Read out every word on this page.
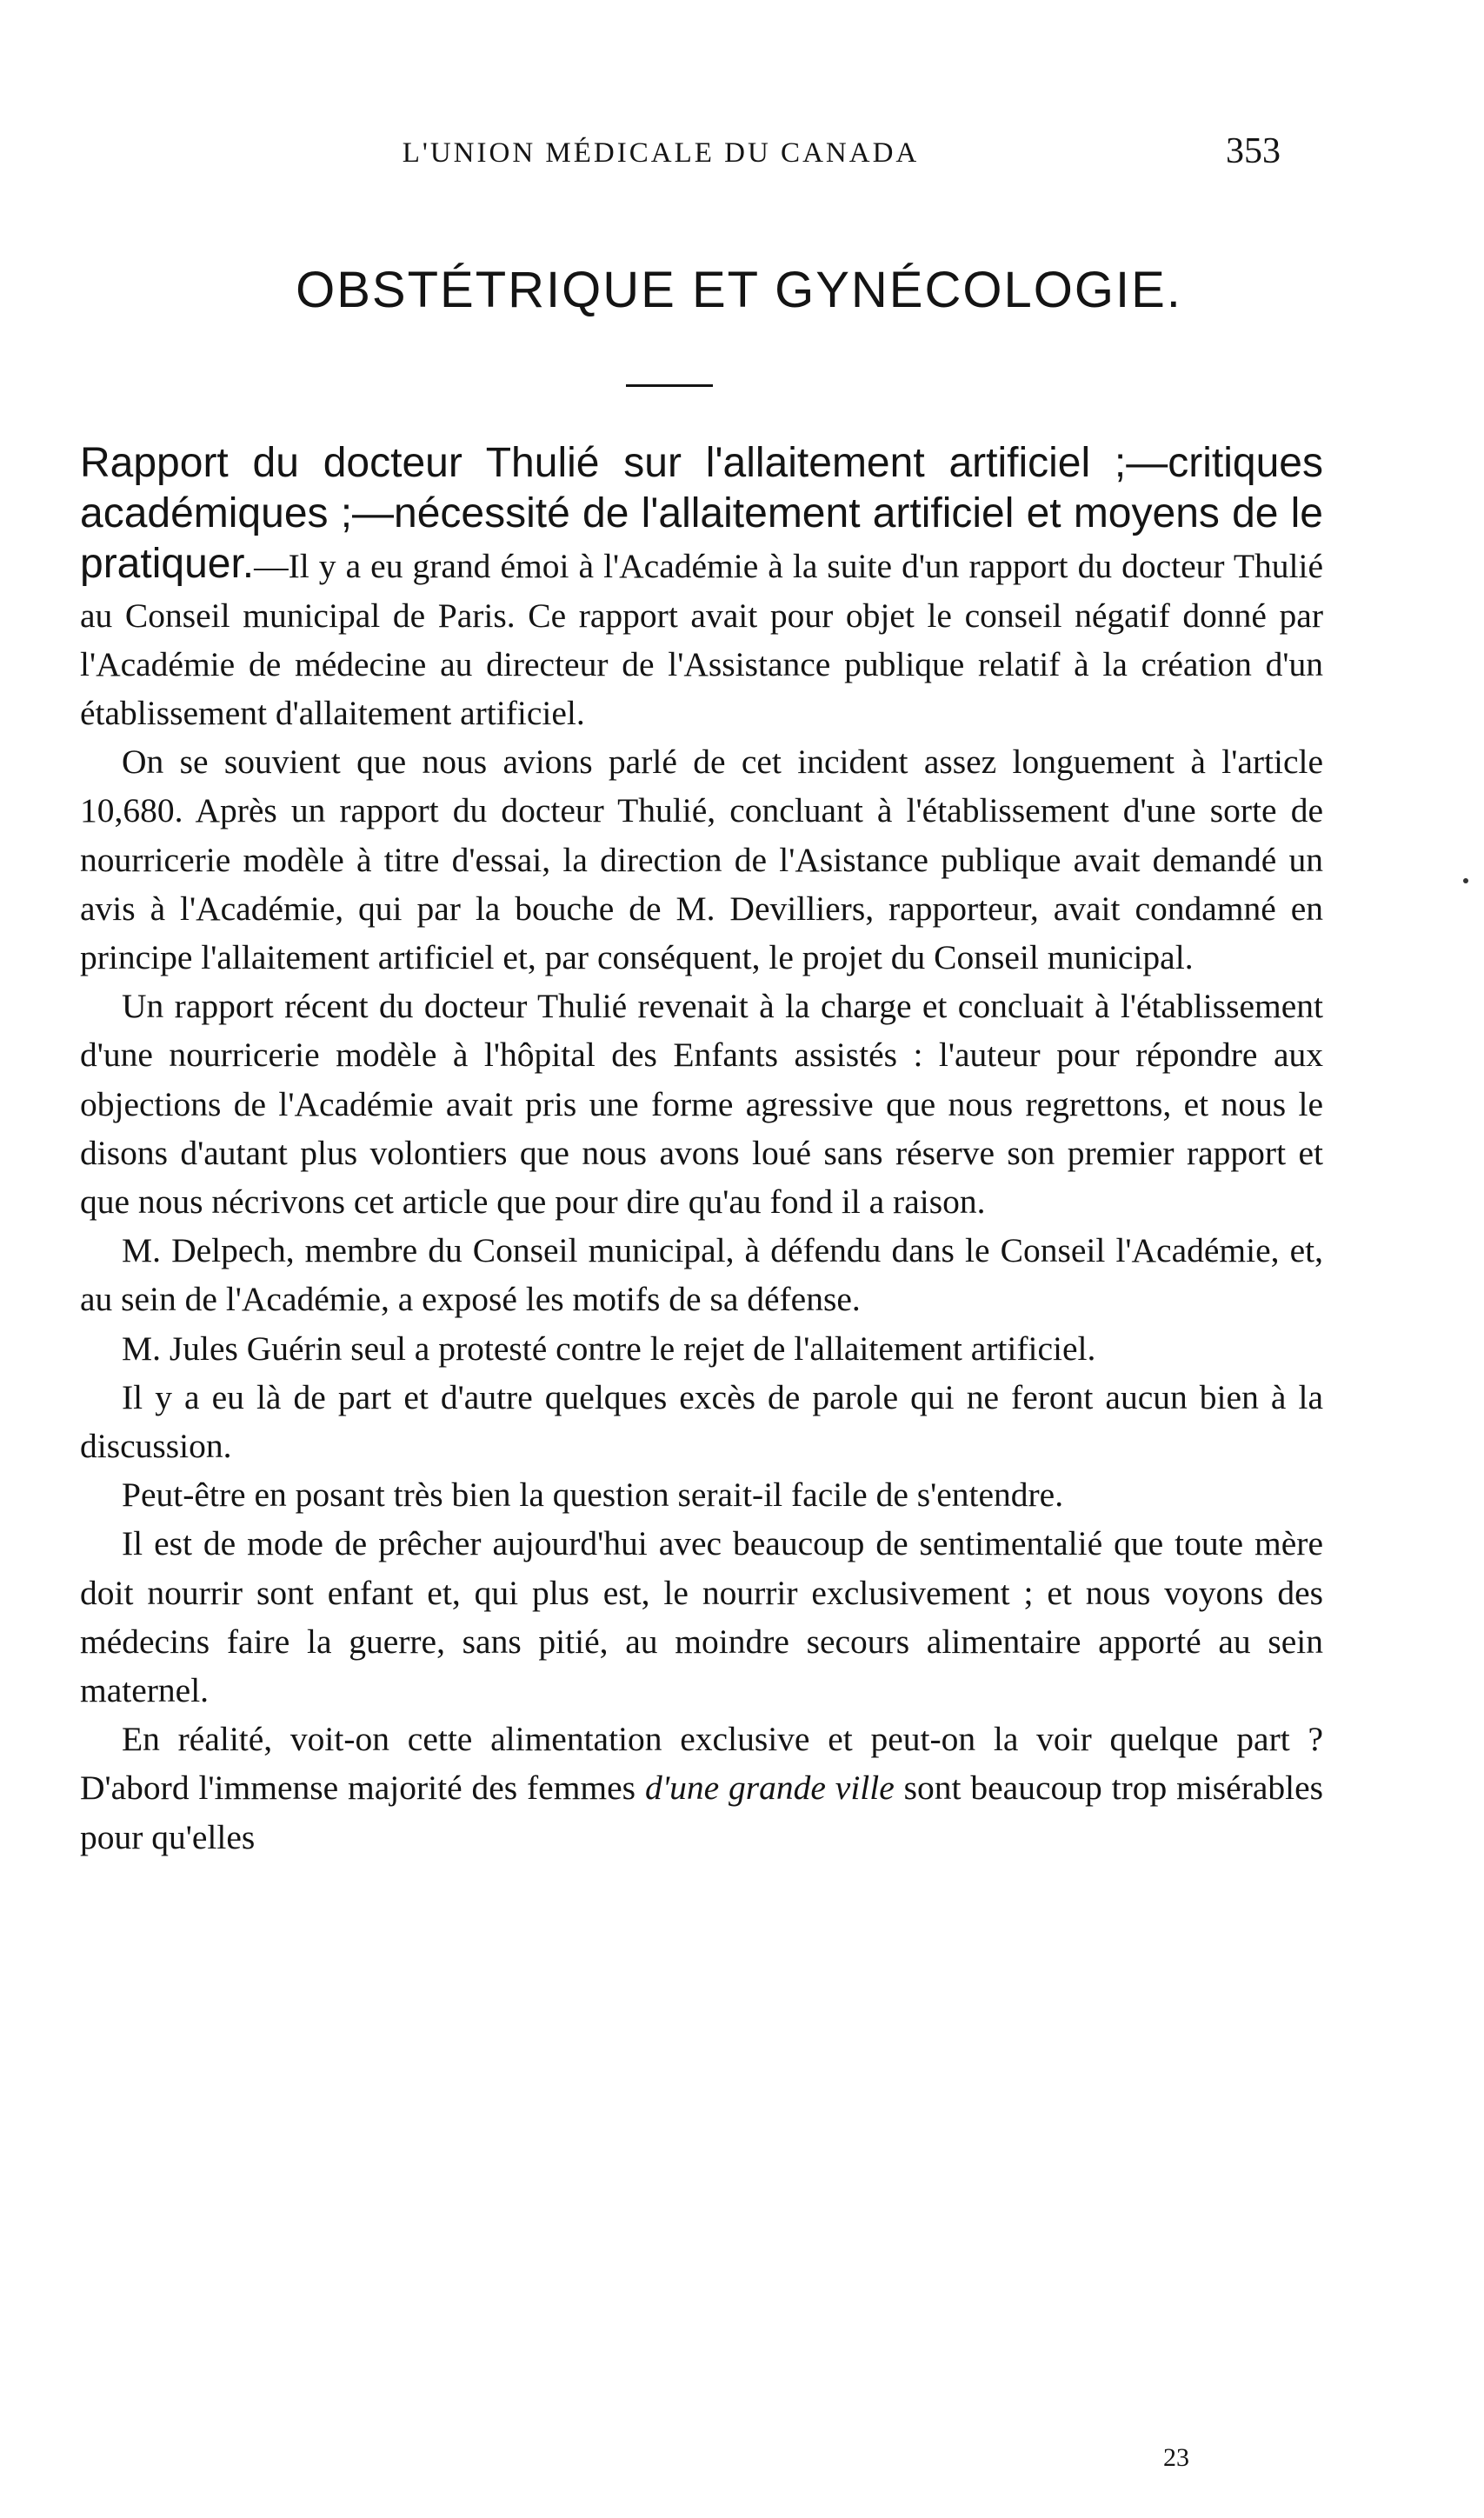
L'UNION MÉDICALE DU CANADA	353
OBSTÉTRIQUE ET GYNÉCOLOGIE.

Rapport du docteur Thulié sur l'allaitement artificiel ;—critiques académiques ;—nécessité de l'allaitement artificiel et moyens de le pratiquer.—Il y a eu grand émoi à l'Académie à la suite d'un rapport du docteur Thulié au Conseil municipal de Paris. Ce rapport avait pour objet le conseil négatif donné par l'Académie de médecine au directeur de l'Assistance publique relatif à la création d'un établissement d'allaitement artificiel.

On se souvient que nous avions parlé de cet incident assez longuement à l'article 10,680. Après un rapport du docteur Thulié, concluant à l'établissement d'une sorte de nourricerie modèle à titre d'essai, la direction de l'Asistance publique avait demandé un avis à l'Académie, qui par la bouche de M. Devilliers, rapporteur, avait condamné en principe l'allaitement artificiel et, par conséquent, le projet du Conseil municipal.

Un rapport récent du docteur Thulié revenait à la charge et concluait à l'établissement d'une nourricerie modèle à l'hôpital des Enfants assistés : l'auteur pour répondre aux objections de l'Académie avait pris une forme agressive que nous regrettons, et nous le disons d'autant plus volontiers que nous avons loué sans réserve son premier rapport et que nous nécrivons cet article que pour dire qu'au fond il a raison.

M. Delpech, membre du Conseil municipal, à défendu dans le Conseil l'Académie, et, au sein de l'Académie, a exposé les motifs de sa défense.

M. Jules Guérin seul a protesté contre le rejet de l'allaitement artificiel.

Il y a eu là de part et d'autre quelques excès de parole qui ne feront aucun bien à la discussion.

Peut-être en posant très bien la question serait-il facile de s'entendre.

Il est de mode de prêcher aujourd'hui avec beaucoup de sentimentalié que toute mère doit nourrir sont enfant et, qui plus est, le nourrir exclusivement ; et nous voyons des médecins faire la guerre, sans pitié, au moindre secours alimentaire apporté au sein maternel.

En réalité, voit-on cette alimentation exclusive et peut-on la voir quelque part ? D'abord l'immense majorité des femmes d'une grande ville sont beaucoup trop misérables pour qu'elles

23
